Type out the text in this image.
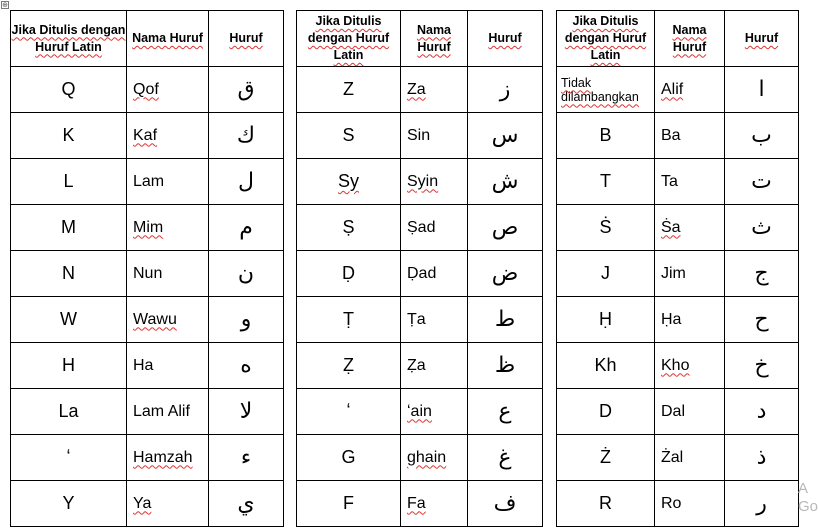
⊕
Jika Ditulis dengan Huruf Latin	Nama Huruf	Huruf
Q	Qof	ق
K	Kaf	ك
L	Lam	ل
M	Mim	م
N	Nun	ن
W	Wawu	و
H	Ha	ه
La	Lam Alif	لا
ʻ	Hamzah	ء
Y	Ya	ي
Jika Ditulis dengan Huruf Latin	Nama Huruf	Huruf
Z	Za	ز
S	Sin	س
Sy	Syin	ش
Ṣ	Ṣad	ص
Ḍ	Ḍad	ض
Ṭ	Ṭa	ط
Ẓ	Ẓa	ظ
ʻ	ʻain	ع
G	ghain	غ
F	Fa	ف
Jika Ditulis dengan Huruf Latin	Nama Huruf	Huruf
Tidak dilambangkan	Alif	ا
B	Ba	ب
T	Ta	ت
Ṡ	Ṡa	ث
J	Jim	ج
Ḥ	Ḥa	ح
Kh	Kho	خ
D	Dal	د
Ż	Żal	ذ
R	Ro	ر
A
Go
